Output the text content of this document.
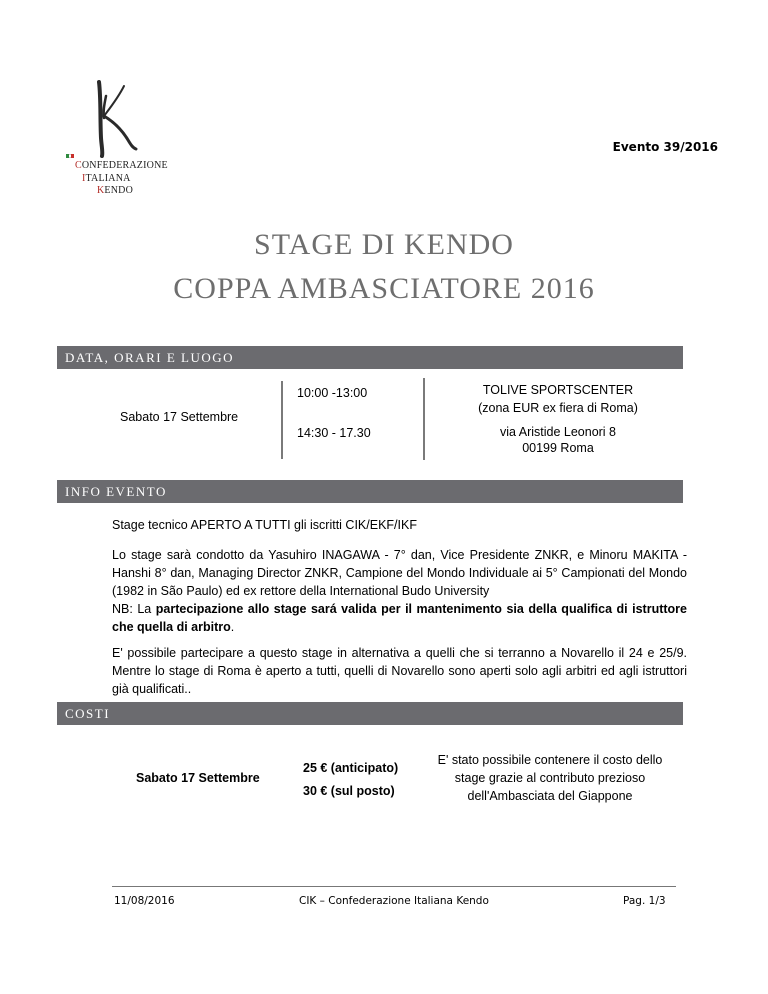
CONFEDERAZIONE
ITALIANA
KENDO
Evento 39/2016
STAGE DI KENDO
COPPA AMBASCIATORE 2016
DATA, ORARI E LUOGO
Sabato 17 Settembre
10:00 -13:00
14:30 - 17.30
TOLIVE SPORTSCENTER
(zona EUR ex fiera di Roma)
via Aristide Leonori 8
00199 Roma
INFO EVENTO

Stage tecnico APERTO A TUTTI gli iscritti CIK/EKF/IKF

Lo stage sarà condotto da Yasuhiro INAGAWA - 7° dan, Vice Presidente ZNKR, e Minoru MAKITA - Hanshi 8° dan, Managing Director ZNKR, Campione del Mondo Individuale ai 5° Campionati del Mondo (1982 in São Paulo) ed ex rettore della International Budo University

NB: La partecipazione allo stage sará valida per il mantenimento sia della qualifica di istruttore che quella di arbitro.

E' possibile partecipare a questo stage in alternativa a quelli che si terranno a Novarello il 24 e 25/9. Mentre lo stage di Roma è aperto a tutti, quelli di Novarello sono aperti solo agli arbitri ed agli istruttori già qualificati..

COSTI
Sabato 17 Settembre
25 € (anticipato)
30 € (sul posto)
E' stato possibile contenere il costo dello
stage grazie al contributo prezioso
dell'Ambasciata del Giappone
11/08/2016	CIK – Confederazione Italiana Kendo	Pag. 1/3
